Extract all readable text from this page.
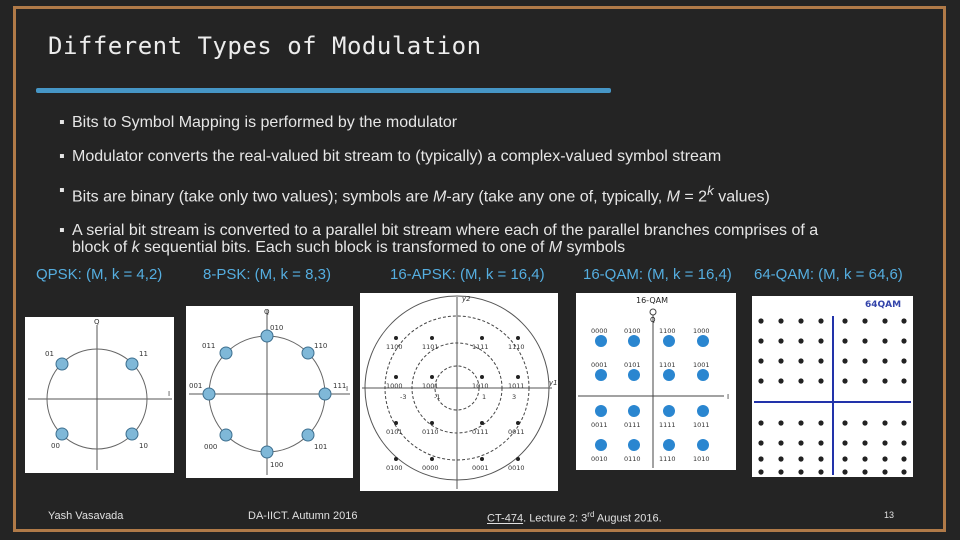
Different Types of Modulation
▪ Bits to Symbol Mapping is performed by the modulator
▪ Modulator converts the real-valued bit stream to (typically) a complex-valued symbol stream
▪ Bits are binary (take only two values); symbols are M-ary (take any one of, typically, $M = 2^k$ values)
▪ A serial bit stream is converted to a parallel bit stream where each of the parallel branches comprises of a
block of k sequential bits. Each such block is transformed to one of M symbols
QPSK: (M, k = 4,2)	8-PSK: (M, k = 8,3)	16-APSK: (M, k = 16,4)	16-QAM: (M, k = 16,4) 64-QAM: (M, k = 64,6)
Q
I
01	11
00	10
Q
I
010
011	110
001	111
000	101
100
y2
y1
1100	1101	1111	1110
1000	1001	1010	1011
0101	0110	0111	0011
0100	0000	0001	0010
-3	-1	1	3
16-QAM
Q
I
0000	0100	1100	1000
0001	0101	1101	1001
0011	0111	1111	1011
0010	0110	1110	1010
64QAM
Yash Vasavada	DA-IICT. Autumn 2016	CT-474. Lecture 2: 3rd August 2016.	13
